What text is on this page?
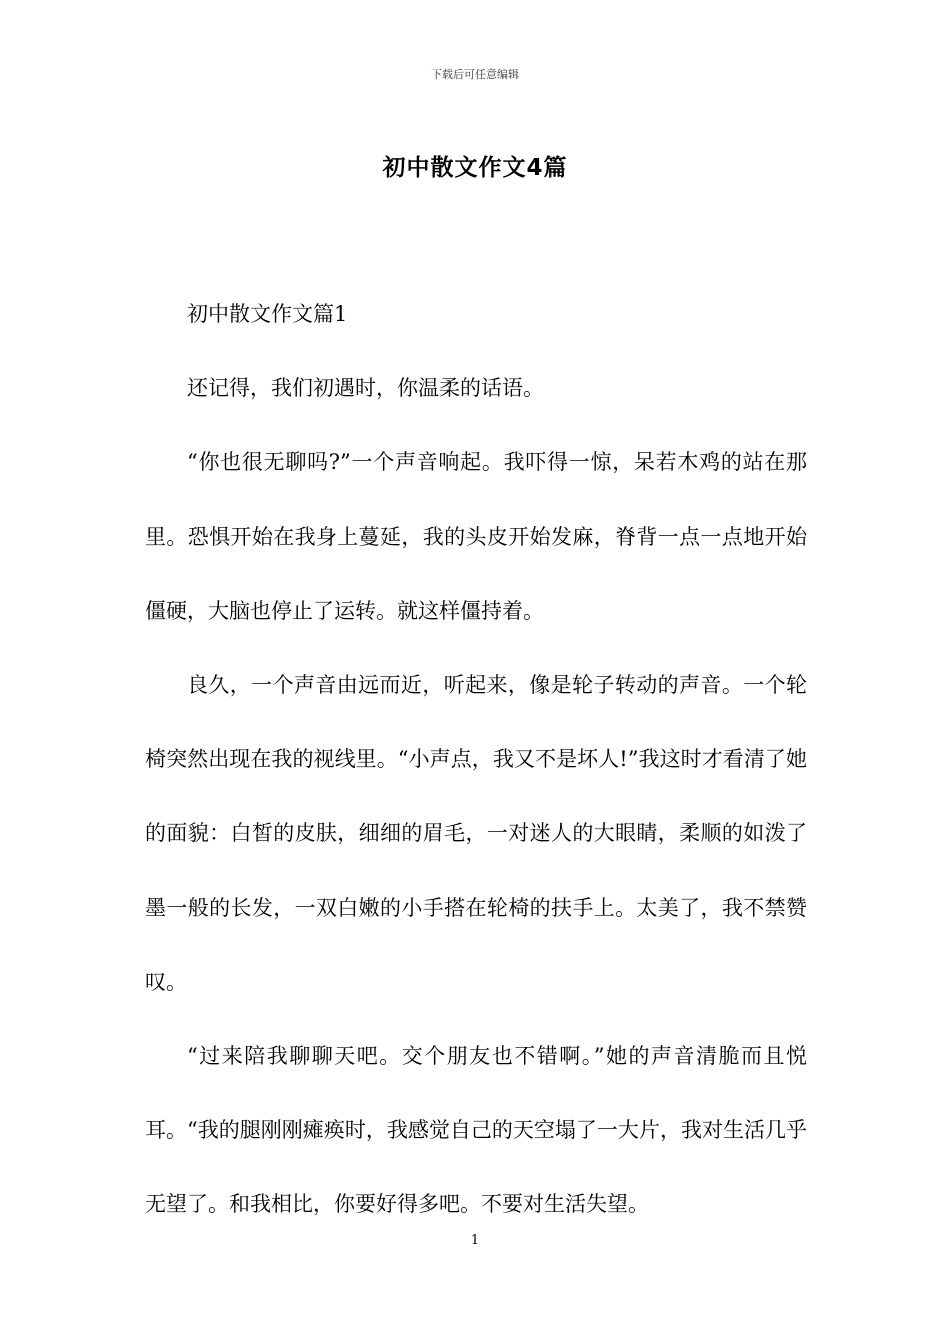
下载后可任意编辑
初中散文作文4篇

初中散文作文篇1

还记得，我们初遇时，你温柔的话语。

“你也很无聊吗?”一个声音响起。我吓得一惊，呆若木鸡的站在那里。恐惧开始在我身上蔓延，我的头皮开始发麻，脊背一点一点地开始僵硬，大脑也停止了运转。就这样僵持着。

良久，一个声音由远而近，听起来，像是轮子转动的声音。一个轮椅突然出现在我的视线里。“小声点，我又不是坏人!”我这时才看清了她的面貌：白皙的皮肤，细细的眉毛，一对迷人的大眼睛，柔顺的如泼了墨一般的长发，一双白嫩的小手搭在轮椅的扶手上。太美了，我不禁赞叹。

“过来陪我聊聊天吧。交个朋友也不错啊。”她的声音清脆而且悦耳。“我的腿刚刚瘫痪时，我感觉自己的天空塌了一大片，我对生活几乎无望了。和我相比，你要好得多吧。不要对生活失望。

1
